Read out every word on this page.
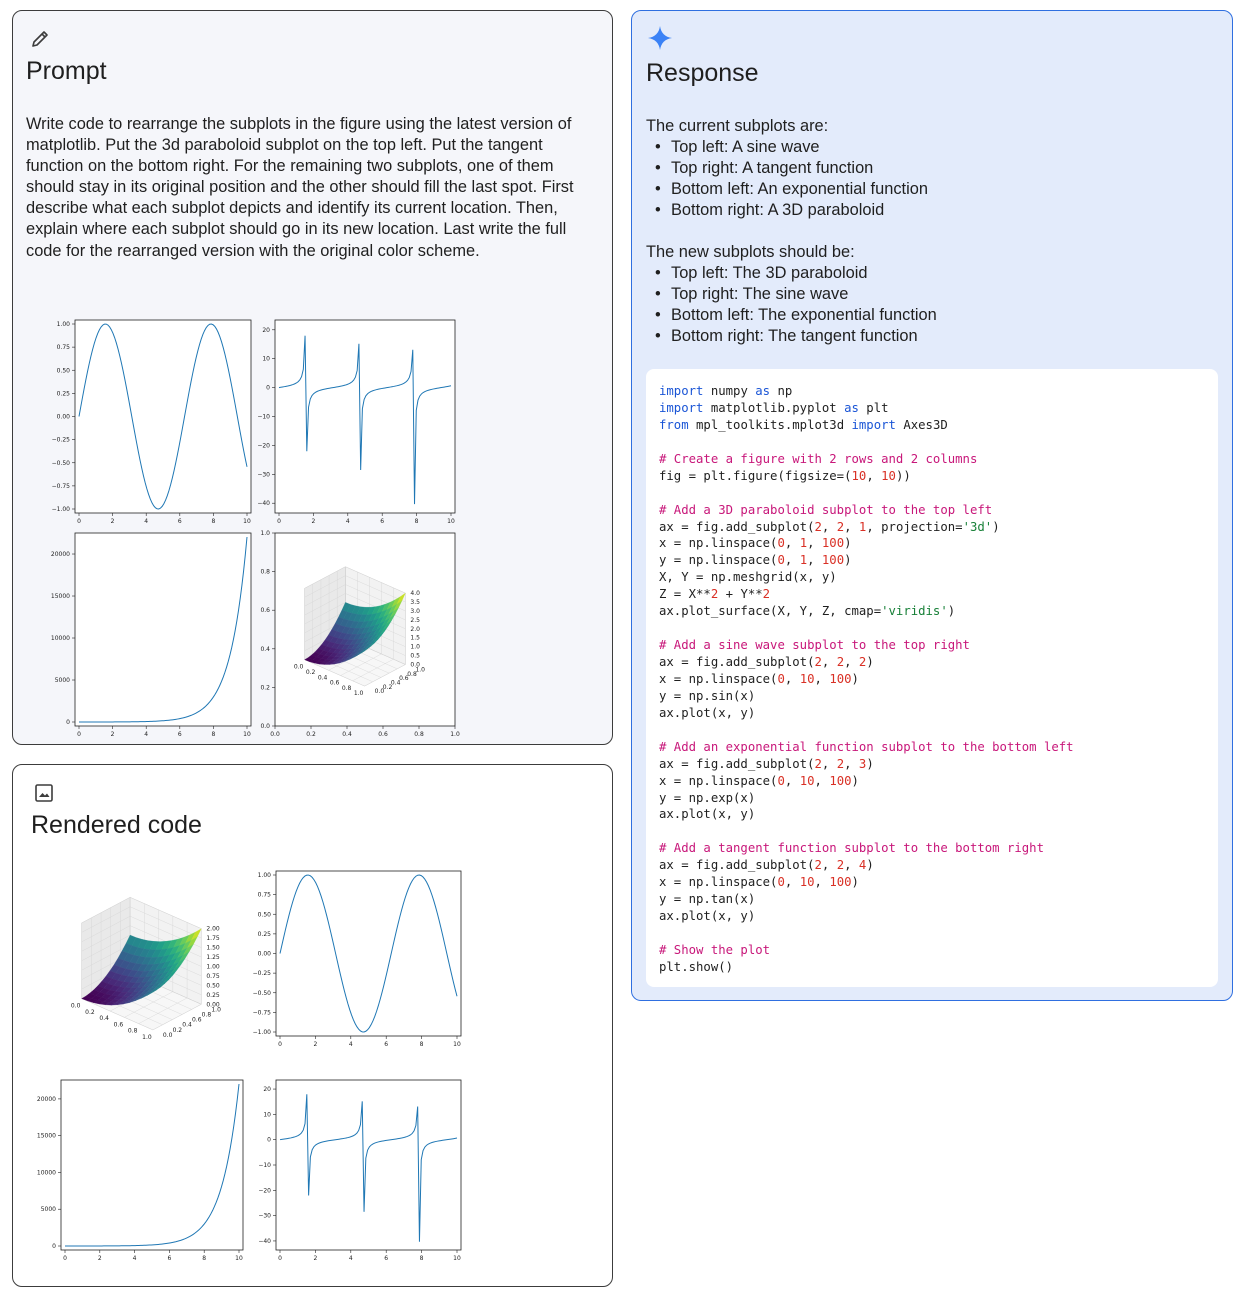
Prompt

Write code to rearrange the subplots in the figure using the latest version of matplotlib. Put the 3d paraboloid subplot on the top left. Put the tangent function on the bottom right. For the remaining two subplots, one of them should stay in its original position and the other should fill the last spot. First describe what each subplot depicts and identify its current location. Then, explain where each subplot should go in its new location. Last write the full code for the rearranged version with the original color scheme.

0	2	4	6	8	10
1.00
0.75
0.50
0.25
0.00
−0.25
−0.50
−0.75
−1.00
0	2	4	6	8	10
20
10
0
−10
−20
−30
−40
0	2	4	6	8	10
20000
15000
10000
5000
0
0.0	0.2	0.4	0.6	0.8	1.0
1.0
0.8
0.6
0.4
0.2
0.0
0.0
0.2
0.4
0.6
0.8
1.0
1.0
0.8
0.6
0.4
0.2
0.0
4.0
3.5
3.0
2.5
2.0
1.5
1.0
0.5
0.0
Rendered code
0.0
0.2
0.4
0.6
0.8
1.0
1.0
0.8
0.6
0.4
0.2
0.0
2.00
1.75
1.50
1.25
1.00
0.75
0.50
0.25
0.00
0	2	4	6	8	10
1.00
0.75
0.50
0.25
0.00
−0.25
−0.50
−0.75
−1.00
0	2	4	6	8	10
20000
15000
10000
5000
0
0	2	4	6	8	10
20
10
0
−10
−20
−30
−40
Response

The current subplots are:

• Top left: A sine wave
• Top right: A tangent function
• Bottom left: An exponential function
• Bottom right: A 3D paraboloid

The new subplots should be:

• Top left: The 3D paraboloid
• Top right: The sine wave
• Bottom left: The exponential function
• Bottom right: The tangent function
import numpy as np
import matplotlib.pyplot as plt
from mpl_toolkits.mplot3d import Axes3D

# Create a figure with 2 rows and 2 columns
fig = plt.figure(figsize=(10, 10))

# Add a 3D paraboloid subplot to the top left
ax = fig.add_subplot(2, 2, 1, projection='3d')
x = np.linspace(0, 1, 100)
y = np.linspace(0, 1, 100)
X, Y = np.meshgrid(x, y)
Z = X**2 + Y**2
ax.plot_surface(X, Y, Z, cmap='viridis')

# Add a sine wave subplot to the top right
ax = fig.add_subplot(2, 2, 2)
x = np.linspace(0, 10, 100)
y = np.sin(x)
ax.plot(x, y)

# Add an exponential function subplot to the bottom left
ax = fig.add_subplot(2, 2, 3)
x = np.linspace(0, 10, 100)
y = np.exp(x)
ax.plot(x, y)

# Add a tangent function subplot to the bottom right
ax = fig.add_subplot(2, 2, 4)
x = np.linspace(0, 10, 100)
y = np.tan(x)
ax.plot(x, y)

# Show the plot
plt.show()
